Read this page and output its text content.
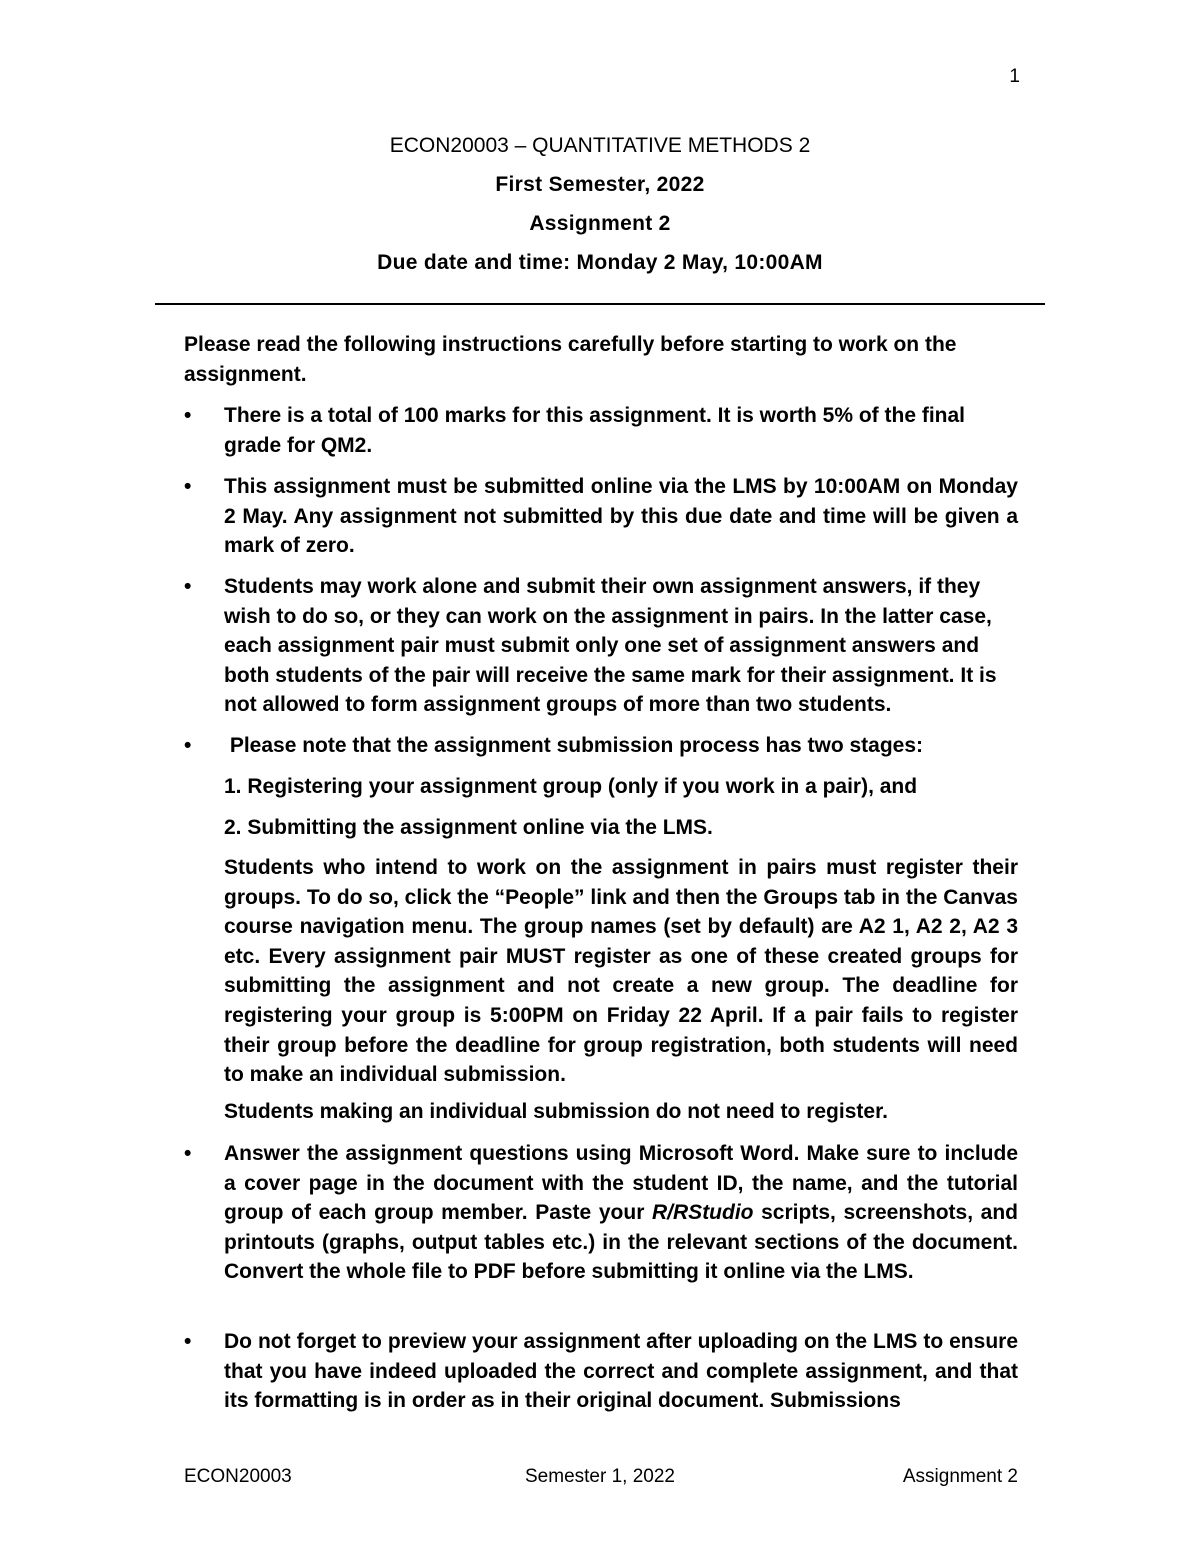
1
ECON20003 – QUANTITATIVE METHODS 2
First Semester, 2022
Assignment 2
Due date and time: Monday 2 May, 10:00AM
Please read the following instructions carefully before starting to work on the assignment.
•	There is a total of 100 marks for this assignment. It is worth 5% of the final grade for QM2.
•	This assignment must be submitted online via the LMS by 10:00AM on Monday 2 May. Any assignment not submitted by this due date and time will be given a mark of zero.
•	Students may work alone and submit their own assignment answers, if they wish to do so, or they can work on the assignment in pairs. In the latter case, each assignment pair must submit only one set of assignment answers and both students of the pair will receive the same mark for their assignment. It is not allowed to form assignment groups of more than two students.
•	Please note that the assignment submission process has two stages:
1. Registering your assignment group (only if you work in a pair), and
2. Submitting the assignment online via the LMS.
Students who intend to work on the assignment in pairs must register their groups. To do so, click the “People” link and then the Groups tab in the Canvas course navigation menu. The group names (set by default) are A2 1, A2 2, A2 3 etc. Every assignment pair MUST register as one of these created groups for submitting the assignment and not create a new group. The deadline for registering your group is 5:00PM on Friday 22 April. If a pair fails to register their group before the deadline for group registration, both students will need to make an individual submission.
Students making an individual submission do not need to register.
•	Answer the assignment questions using Microsoft Word. Make sure to include a cover page in the document with the student ID, the name, and the tutorial group of each group member. Paste your R/RStudio scripts, screenshots, and printouts (graphs, output tables etc.) in the relevant sections of the document. Convert the whole file to PDF before submitting it online via the LMS.
•	Do not forget to preview your assignment after uploading on the LMS to ensure that you have indeed uploaded the correct and complete assignment, and that its formatting is in order as in their original document. Submissions
ECON20003	Semester 1, 2022	Assignment 2
